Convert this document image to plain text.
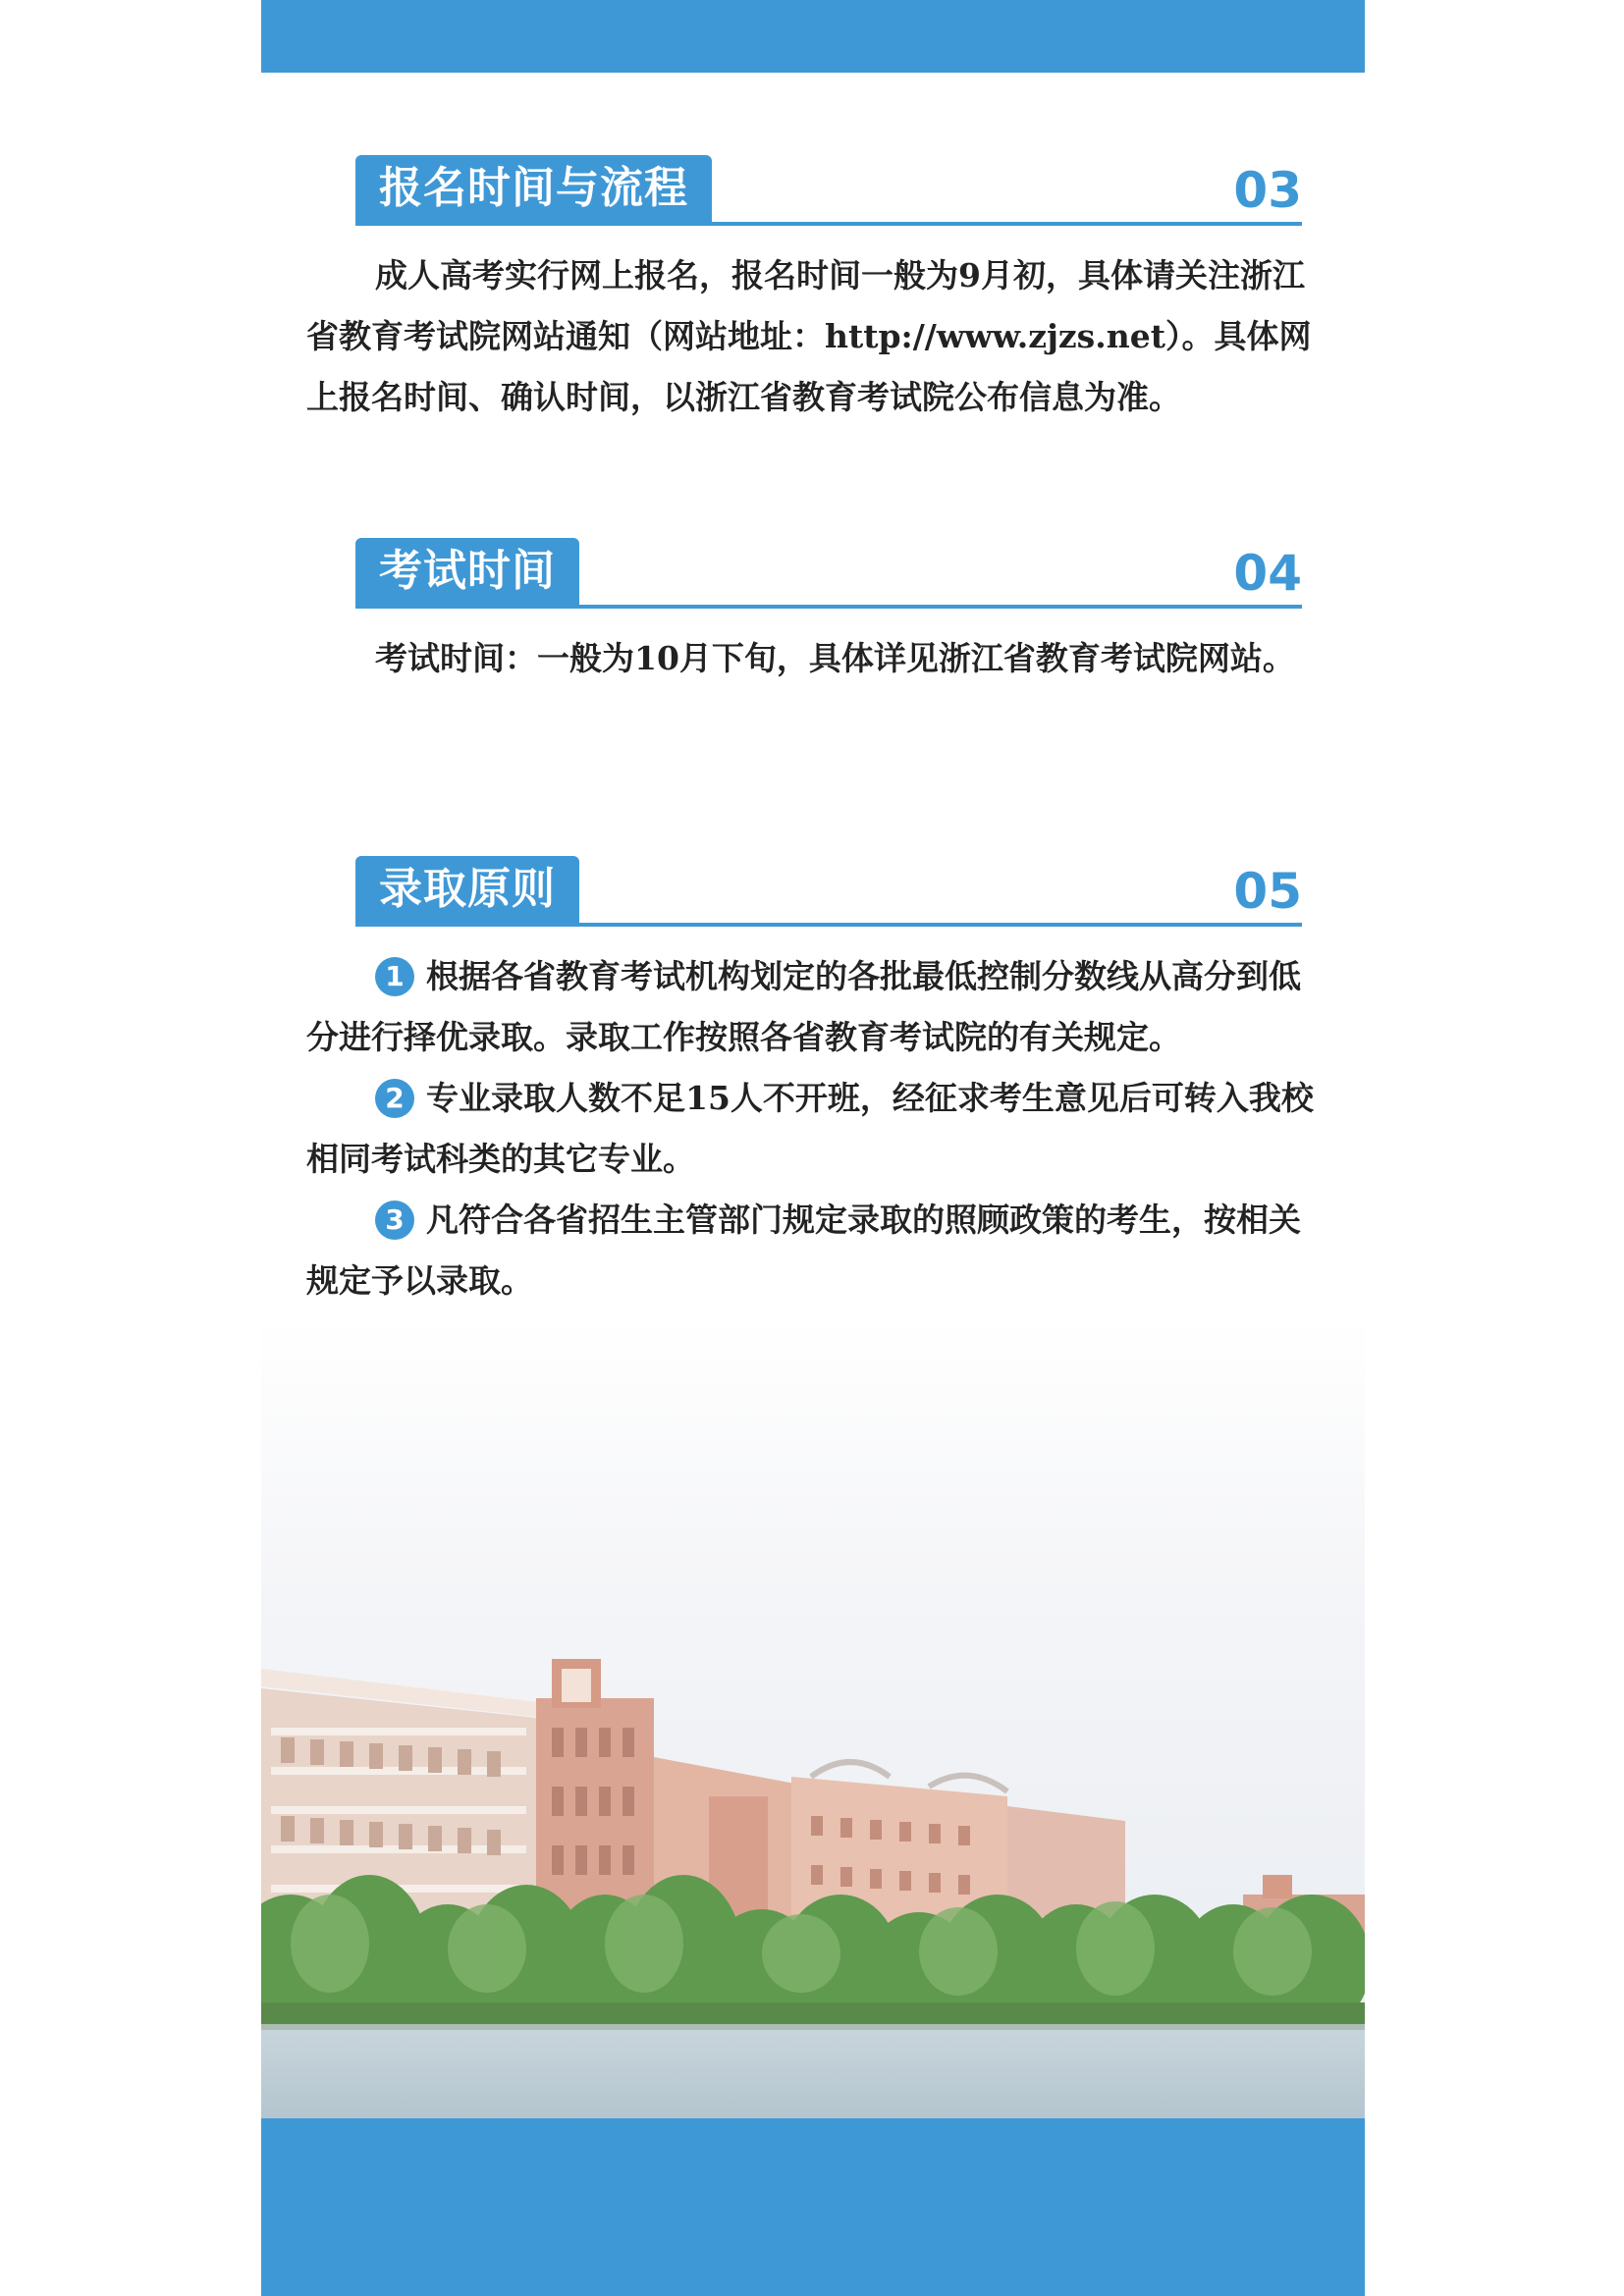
报名时间与流程	03

成人高考实行网上报名，报名时间一般为9月初，具体请关注浙江省教育考试院网站通知（网站地址：http://www.zjzs.net）。具体网上报名时间、确认时间，以浙江省教育考试院公布信息为准。

考试时间	04

考试时间：一般为10月下旬，具体详见浙江省教育考试院网站。

录取原则	05

1 根据各省教育考试机构划定的各批最低控制分数线从高分到低分进行择优录取。录取工作按照各省教育考试院的有关规定。

2 专业录取人数不足15人不开班，经征求考生意见后可转入我校相同考试科类的其它专业。

3 凡符合各省招生主管部门规定录取的照顾政策的考生，按相关规定予以录取。
